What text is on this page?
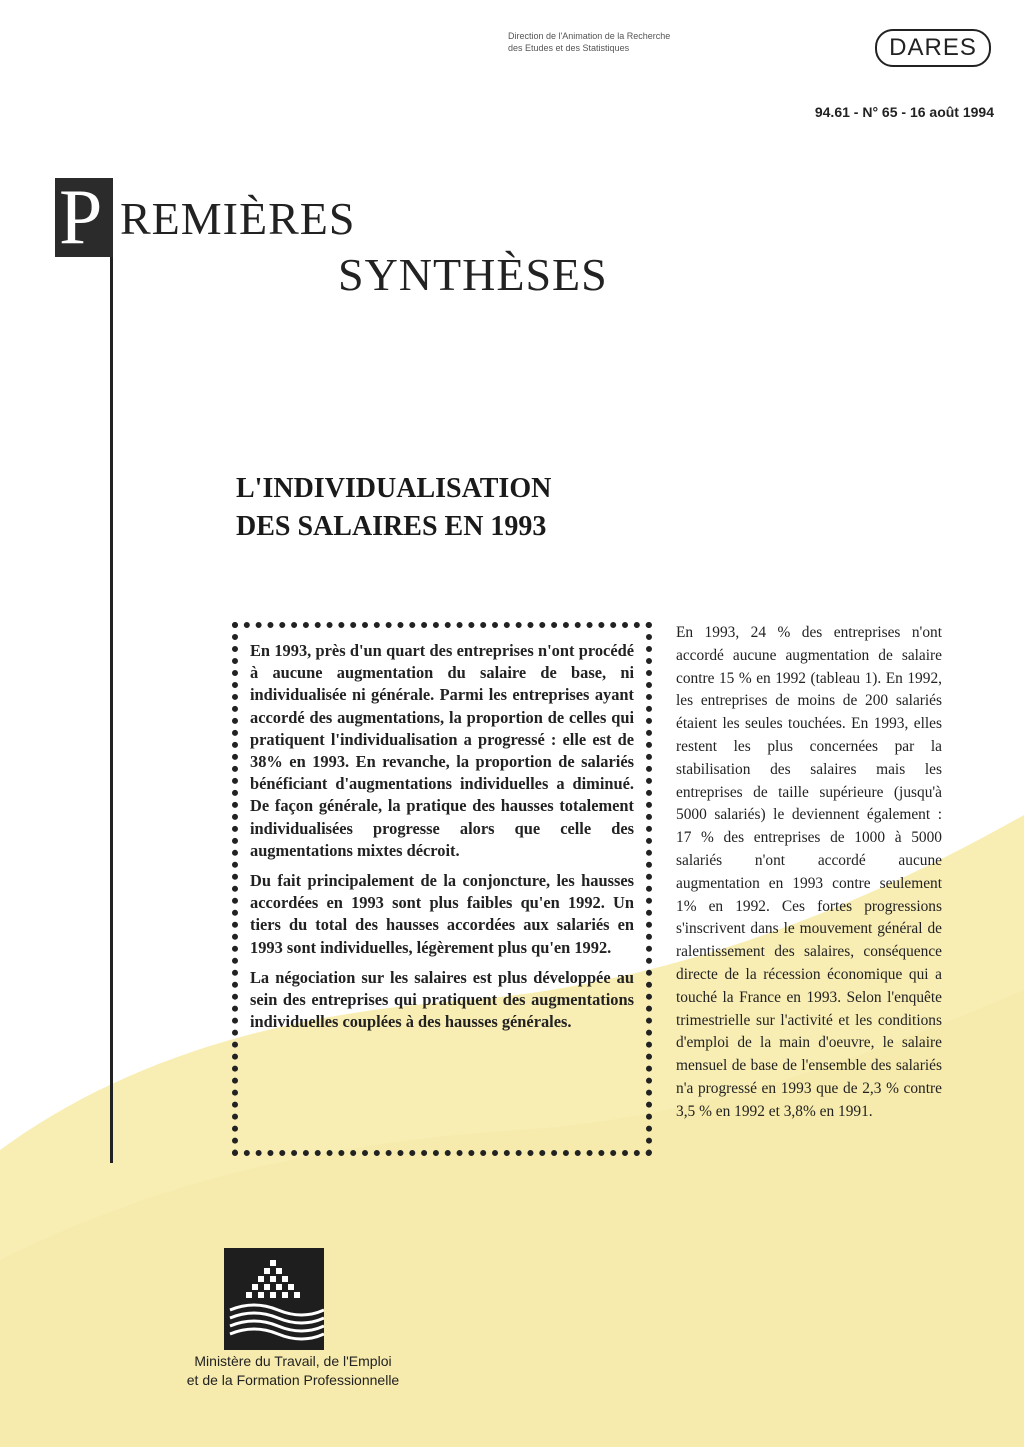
Direction de l'Animation de la Recherche
des Etudes et des Statistiques	DARES
94.61 - N° 65 - 16 août 1994
P REMIÈRES
SYNTHÈSES
L'INDIVIDUALISATION
DES SALAIRES EN 1993

En 1993, près d'un quart des entreprises n'ont procédé à aucune augmentation du salaire de base, ni individualisée ni générale. Parmi les entreprises ayant accordé des augmentations, la proportion de celles qui pratiquent l'individualisation a progressé : elle est de 38% en 1993. En revanche, la proportion de salariés bénéficiant d'augmentations individuelles a diminué. De façon générale, la pratique des hausses totalement individualisées progresse alors que celle des augmentations mixtes décroit.

Du fait principalement de la conjoncture, les hausses accordées en 1993 sont plus faibles qu'en 1992. Un tiers du total des hausses accordées aux salariés en 1993 sont individuelles, légèrement plus qu'en 1992.

La négociation sur les salaires est plus développée au sein des entreprises qui pratiquent des augmentations individuelles couplées à des hausses générales.

En 1993, 24 % des entreprises n'ont accordé aucune augmentation de salaire contre 15 % en 1992 (tableau 1). En 1992, les entreprises de moins de 200 salariés étaient les seules touchées. En 1993, elles restent les plus concernées par la stabilisation des salaires mais les entreprises de taille supérieure (jusqu'à 5000 salariés) le deviennent également : 17 % des entreprises de 1000 à 5000 salariés n'ont accordé aucune augmentation en 1993 contre seulement 1% en 1992. Ces fortes progressions s'inscrivent dans le mouvement général de ralentissement des salaires, conséquence directe de la récession économique qui a touché la France en 1993. Selon l'enquête trimestrielle sur l'activité et les conditions d'emploi de la main d'oeuvre, le salaire mensuel de base de l'ensemble des salariés n'a progressé en 1993 que de 2,3 % contre 3,5 % en 1992 et 3,8% en 1991.

Ministère du Travail, de l'Emploi
et de la Formation Professionnelle
